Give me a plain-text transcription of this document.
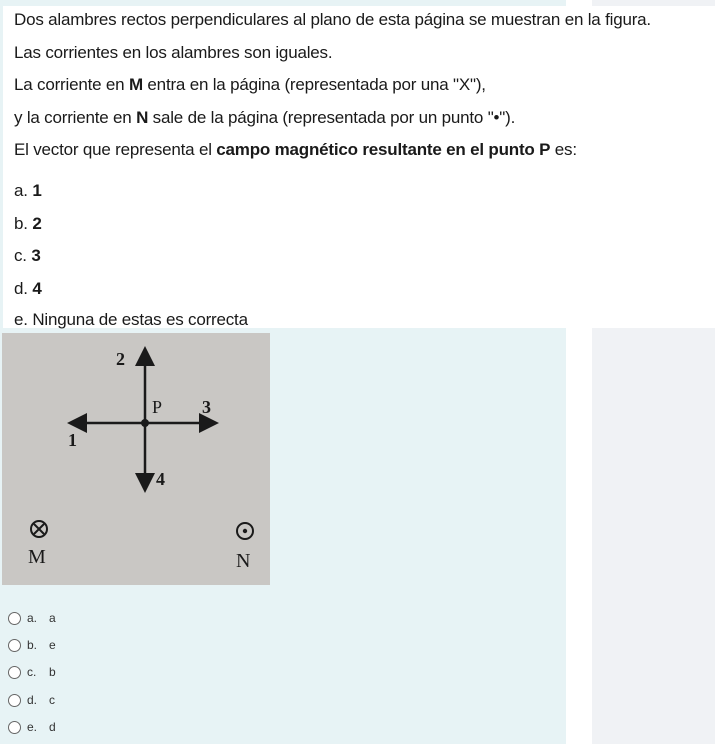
Dos alambres rectos perpendiculares al plano de esta página se muestran en la figura.
Las corrientes en los alambres son iguales.
La corriente en M entra en la página (representada por una "X"),
y la corriente en N sale de la página (representada por un punto "•").
El vector que representa el campo magnético resultante en el punto P es:
a. 1
b. 2
c. 3
d. 4
e. Ninguna de estas es correcta
2
P 3
1
4
M	N
a. a
b. e
c.	b
d. c
e. d
